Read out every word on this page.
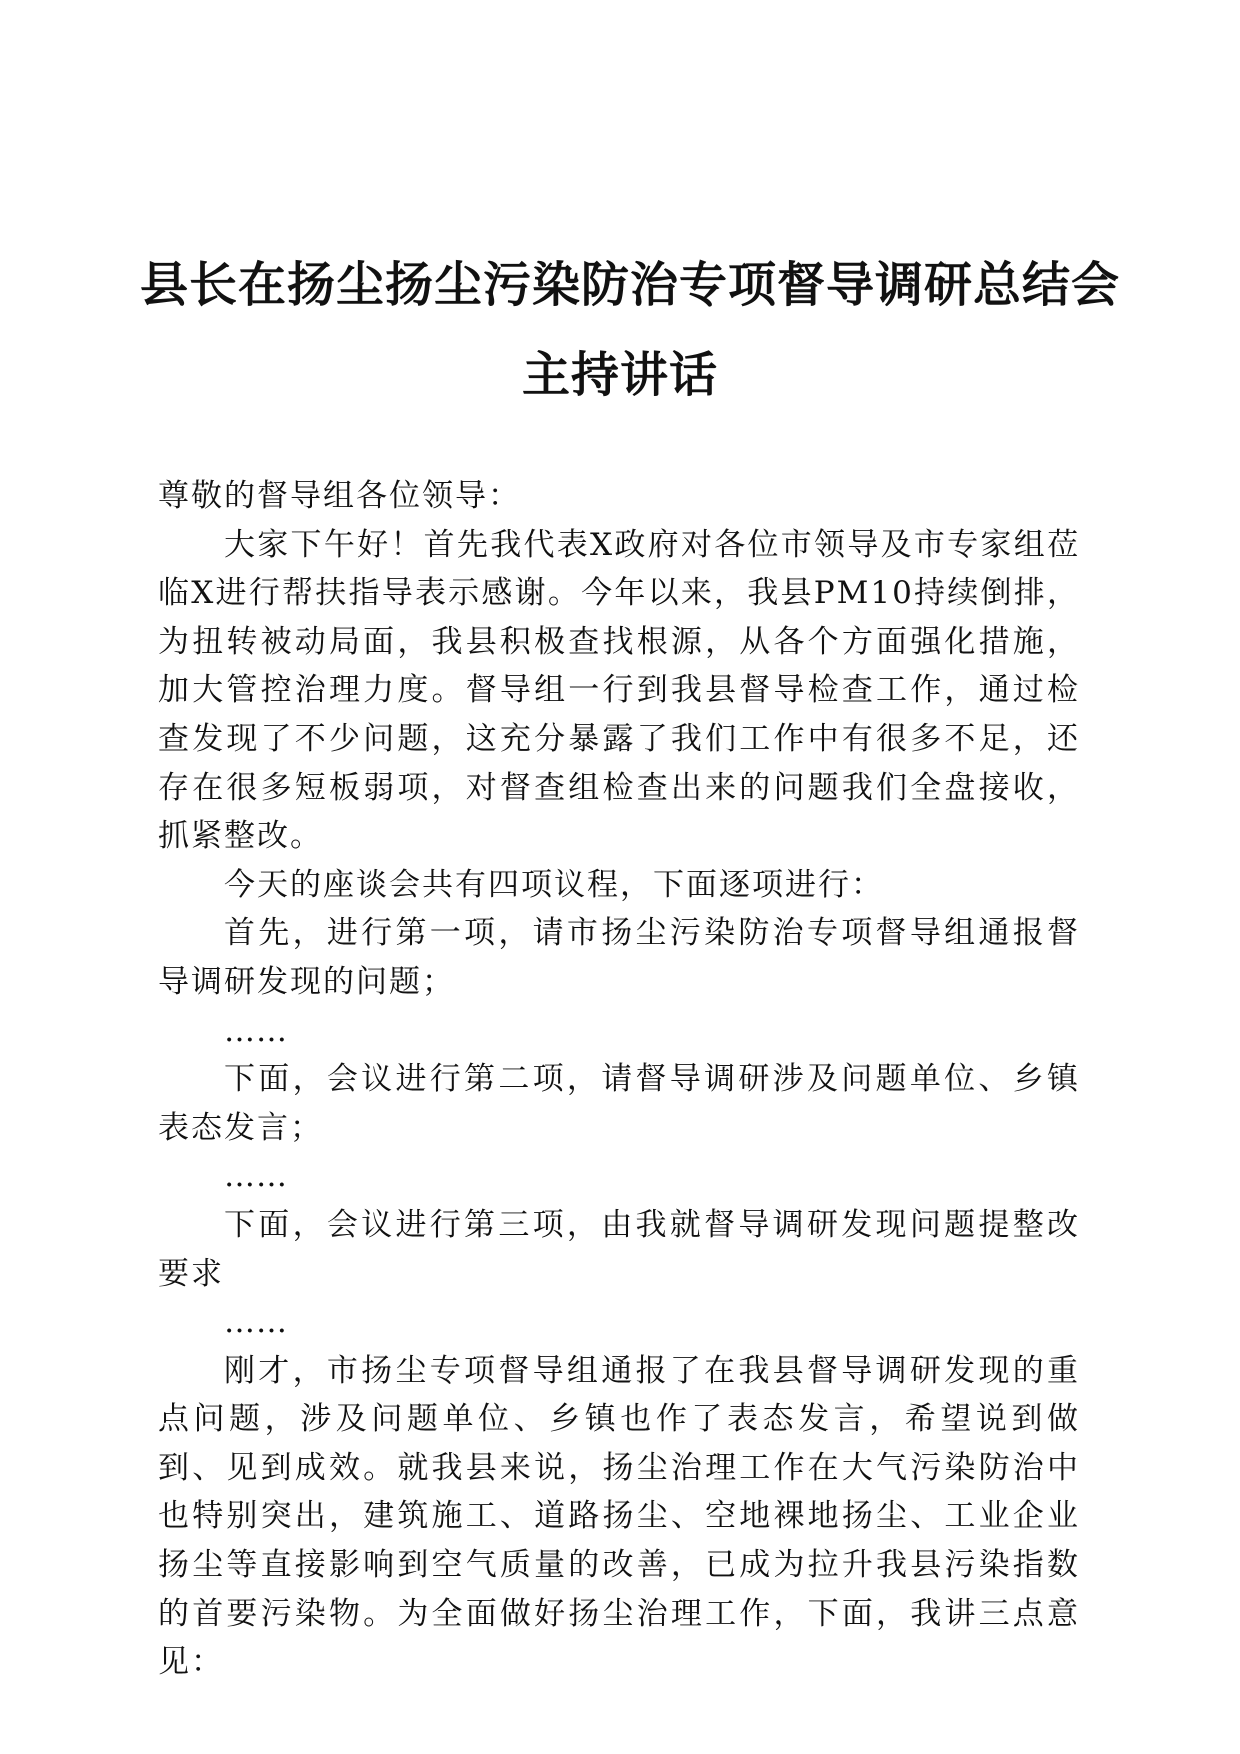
县长在扬尘扬尘污染防治专项督导调研总结会
主持讲话

尊敬的督导组各位领导：

大家下午好！首先我代表X政府对各位市领导及市专家组莅临X进行帮扶指导表示感谢。今年以来，我县PM10持续倒排，为扭转被动局面，我县积极查找根源，从各个方面强化措施，加大管控治理力度。督导组一行到我县督导检查工作，通过检查发现了不少问题，这充分暴露了我们工作中有很多不足，还存在很多短板弱项，对督查组检查出来的问题我们全盘接收，抓紧整改。

今天的座谈会共有四项议程，下面逐项进行：

首先，进行第一项，请市扬尘污染防治专项督导组通报督导调研发现的问题；

……

下面，会议进行第二项，请督导调研涉及问题单位、乡镇表态发言；

……

下面，会议进行第三项，由我就督导调研发现问题提整改要求

……

刚才，市扬尘专项督导组通报了在我县督导调研发现的重点问题，涉及问题单位、乡镇也作了表态发言，希望说到做到、见到成效。就我县来说，扬尘治理工作在大气污染防治中也特别突出，建筑施工、道路扬尘、空地裸地扬尘、工业企业扬尘等直接影响到空气质量的改善，已成为拉升我县污染指数的首要污染物。为全面做好扬尘治理工作，下面，我讲三点意见：
